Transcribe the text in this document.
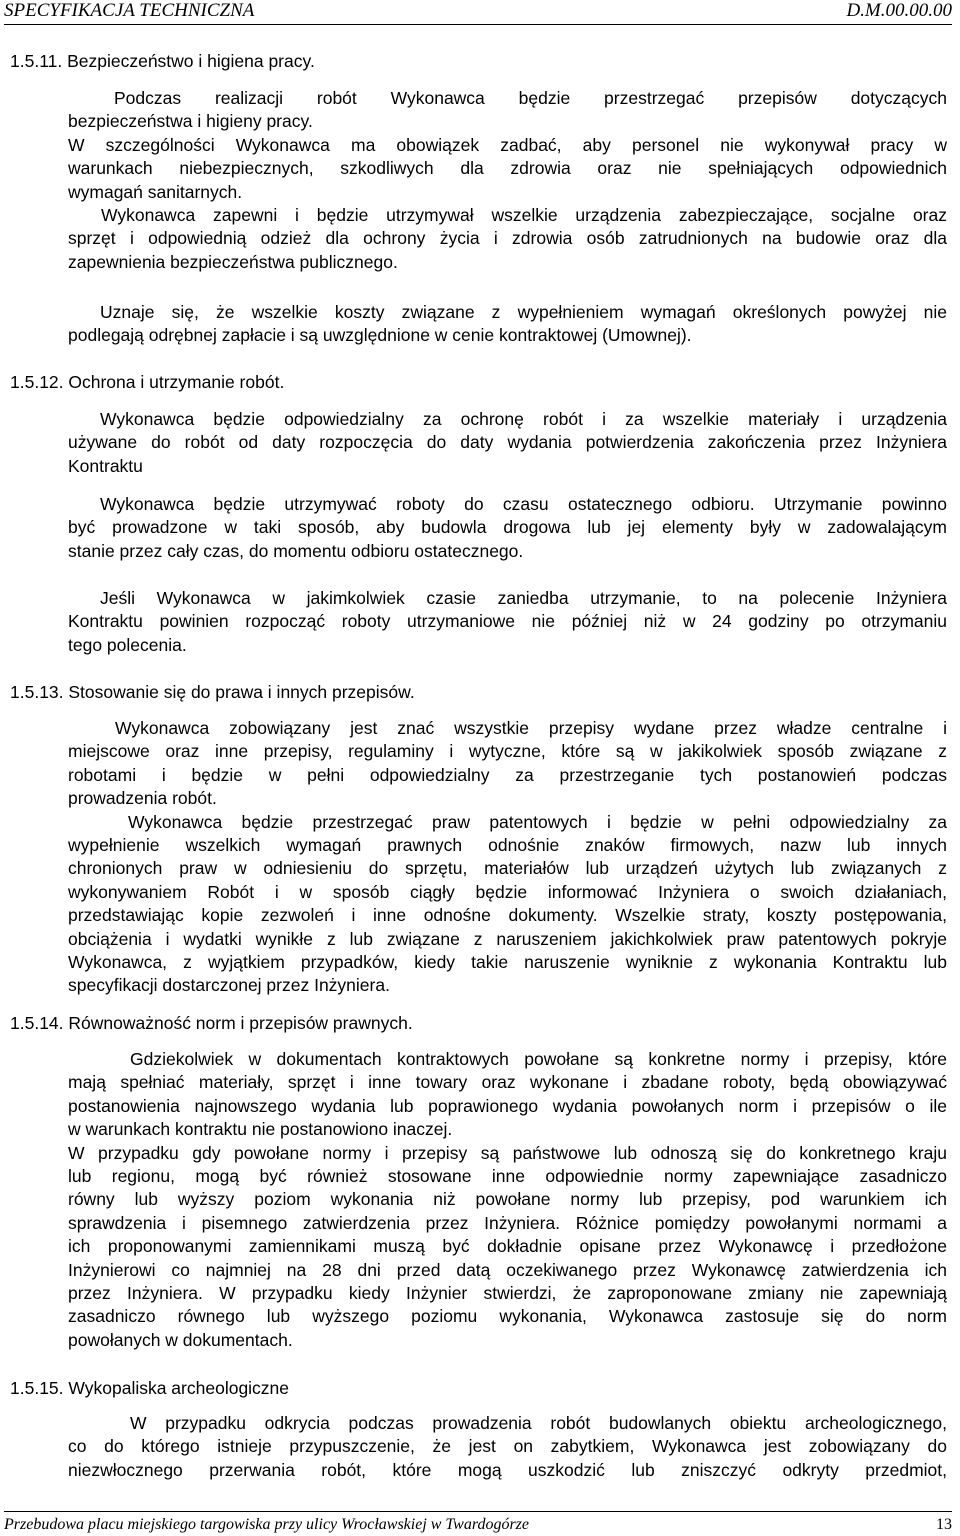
SPECYFIKACJA TECHNICZNA	D.M.00.00.00
1.5.11. Bezpieczeństwo i higiena pracy.
Podczas realizacji robót Wykonawca będzie przestrzegać przepisów dotyczących
bezpieczeństwa i higieny pracy.
W szczególności Wykonawca ma obowiązek zadbać, aby personel nie wykonywał pracy w
warunkach niebezpiecznych, szkodliwych dla zdrowia oraz nie spełniających odpowiednich
wymagań sanitarnych.
Wykonawca zapewni i będzie utrzymywał wszelkie urządzenia zabezpieczające, socjalne oraz
sprzęt i odpowiednią odzież dla ochrony życia i zdrowia osób zatrudnionych na budowie oraz dla
zapewnienia bezpieczeństwa publicznego.
Uznaje się, że wszelkie koszty związane z wypełnieniem wymagań określonych powyżej nie
podlegają odrębnej zapłacie i są uwzględnione w cenie kontraktowej (Umownej).
1.5.12. Ochrona i utrzymanie robót.
Wykonawca będzie odpowiedzialny za ochronę robót i za wszelkie materiały i urządzenia
używane do robót od daty rozpoczęcia do daty wydania potwierdzenia zakończenia przez Inżyniera
Kontraktu
Wykonawca będzie utrzymywać roboty do czasu ostatecznego odbioru. Utrzymanie powinno
być prowadzone w taki sposób, aby budowla drogowa lub jej elementy były w zadowalającym
stanie przez cały czas, do momentu odbioru ostatecznego.
Jeśli Wykonawca w jakimkolwiek czasie zaniedba utrzymanie, to na polecenie Inżyniera
Kontraktu powinien rozpocząć roboty utrzymaniowe nie później niż w 24 godziny po otrzymaniu
tego polecenia.
1.5.13. Stosowanie się do prawa i innych przepisów.
Wykonawca zobowiązany jest znać wszystkie przepisy wydane przez władze centralne i
miejscowe oraz inne przepisy, regulaminy i wytyczne, które są w jakikolwiek sposób związane z
robotami i będzie w pełni odpowiedzialny za przestrzeganie tych postanowień podczas
prowadzenia robót.
Wykonawca będzie przestrzegać praw patentowych i będzie w pełni odpowiedzialny za
wypełnienie wszelkich wymagań prawnych odnośnie znaków firmowych, nazw lub innych
chronionych praw w odniesieniu do sprzętu, materiałów lub urządzeń użytych lub związanych z
wykonywaniem Robót i w sposób ciągły będzie informować Inżyniera o swoich działaniach,
przedstawiając kopie zezwoleń i inne odnośne dokumenty. Wszelkie straty, koszty postępowania,
obciążenia i wydatki wynikłe z lub związane z naruszeniem jakichkolwiek praw patentowych pokryje
Wykonawca, z wyjątkiem przypadków, kiedy takie naruszenie wyniknie z wykonania Kontraktu lub
specyfikacji dostarczonej przez Inżyniera.
1.5.14. Równoważność norm i przepisów prawnych.
Gdziekolwiek w dokumentach kontraktowych powołane są konkretne normy i przepisy, które
mają spełniać materiały, sprzęt i inne towary oraz wykonane i zbadane roboty, będą obowiązywać
postanowienia najnowszego wydania lub poprawionego wydania powołanych norm i przepisów o ile
w warunkach kontraktu nie postanowiono inaczej.
W przypadku gdy powołane normy i przepisy są państwowe lub odnoszą się do konkretnego kraju
lub regionu, mogą być również stosowane inne odpowiednie normy zapewniające zasadniczo
równy lub wyższy poziom wykonania niż powołane normy lub przepisy, pod warunkiem ich
sprawdzenia i pisemnego zatwierdzenia przez Inżyniera. Różnice pomiędzy powołanymi normami a
ich proponowanymi zamiennikami muszą być dokładnie opisane przez Wykonawcę i przedłożone
Inżynierowi co najmniej na 28 dni przed datą oczekiwanego przez Wykonawcę zatwierdzenia ich
przez Inżyniera. W przypadku kiedy Inżynier stwierdzi, że zaproponowane zmiany nie zapewniają
zasadniczo równego lub wyższego poziomu wykonania, Wykonawca zastosuje się do norm
powołanych w dokumentach.
1.5.15. Wykopaliska archeologiczne
W przypadku odkrycia podczas prowadzenia robót budowlanych obiektu archeologicznego,
co do którego istnieje przypuszczenie, że jest on zabytkiem, Wykonawca jest zobowiązany do
niezwłocznego przerwania robót, które mogą uszkodzić lub zniszczyć odkryty przedmiot,
Przebudowa placu miejskiego targowiska przy ulicy Wrocławskiej w Twardogórze	13
